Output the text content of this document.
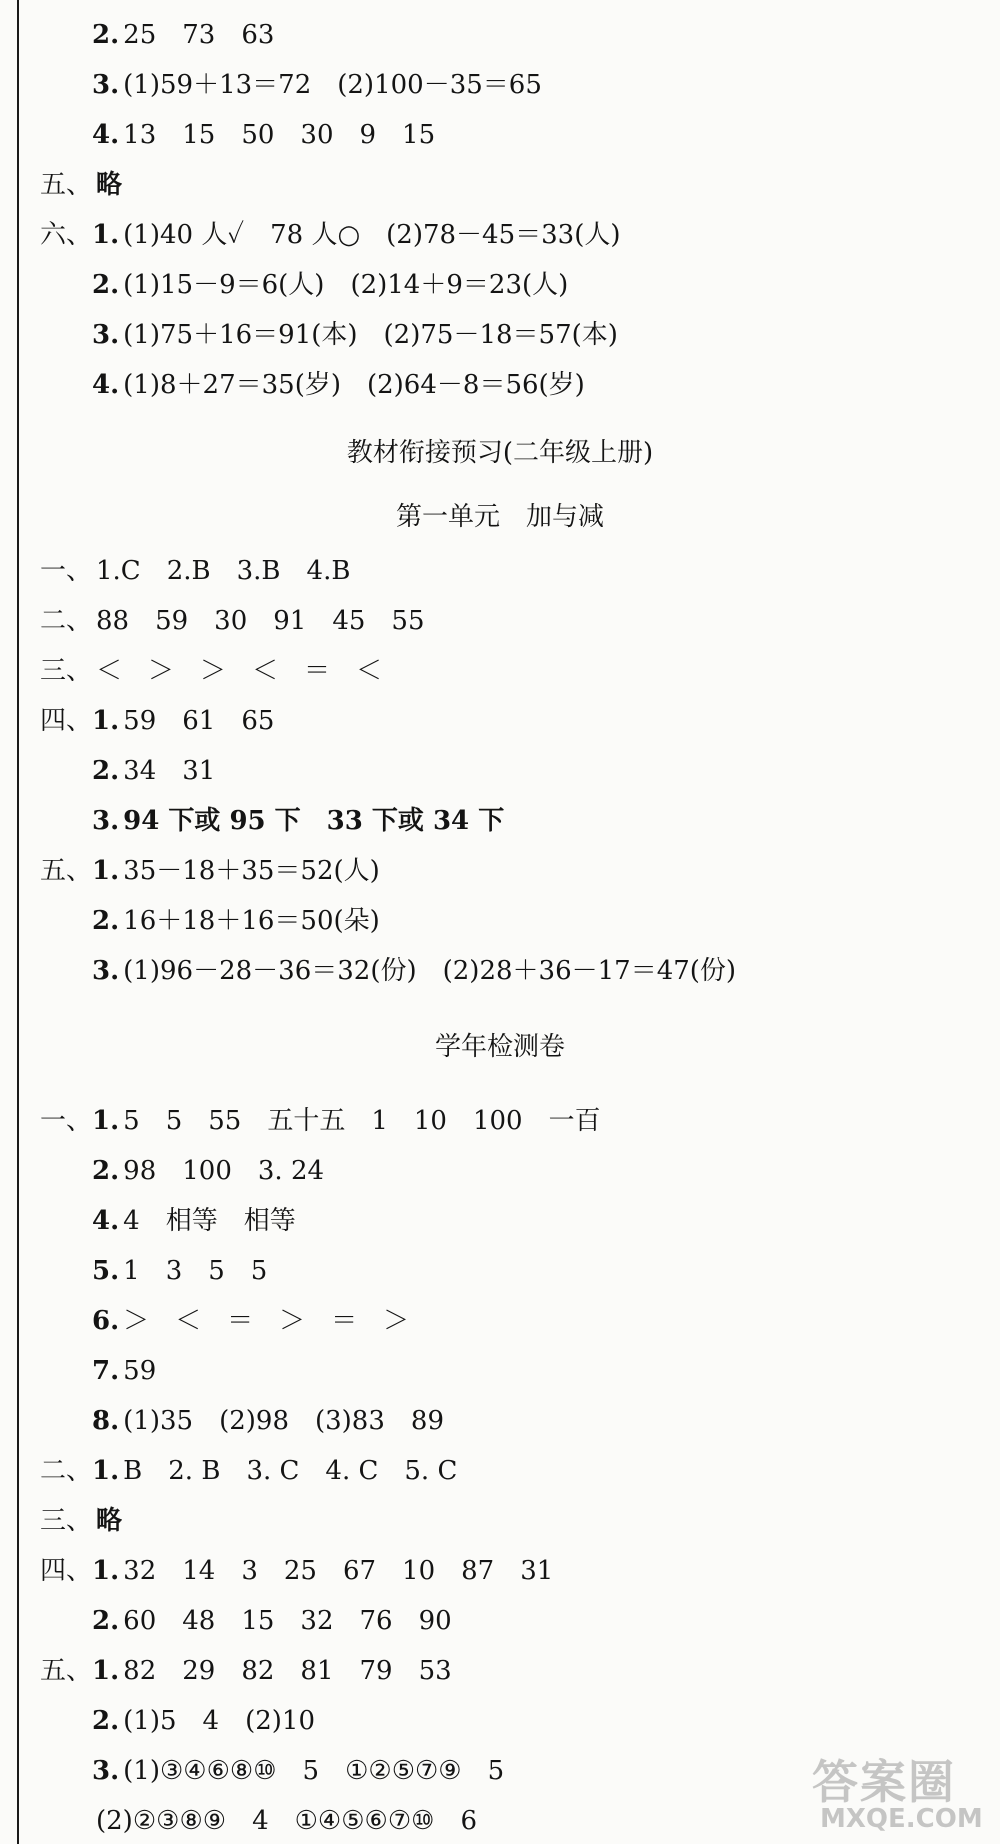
2. 25　73　63
3. (1)59＋13＝72　(2)100－35＝65
4. 13　15　50　30　9　15
五、 略
六、1. (1)40 人✓　78 人○　(2)78－45＝33(人)
2. (1)15－9＝6(人)　(2)14＋9＝23(人)
3. (1)75＋16＝91(本)　(2)75－18＝57(本)
4. (1)8＋27＝35(岁)　(2)64－8＝56(岁)
教材衔接预习(二年级上册)
第一单元　加与减
一、 1.C　2.B　3.B　4.B
二、 88　59　30　91　45　55
三、 ＜　＞　＞　＜　＝　＜
四、1. 59　61　65
2. 34　31
3. 94 下或 95 下　33 下或 34 下
五、1. 35－18＋35＝52(人)
2. 16＋18＋16＝50(朵)
3. (1)96－28－36＝32(份)　(2)28＋36－17＝47(份)
学年检测卷
一、1. 5　5　55　五十五　1　10　100　一百
2. 98　100　3. 24
4. 4　相等　相等
5. 1　3　5　5
6. ＞　＜　＝　＞　＝　＞
7. 59
8. (1)35　(2)98　(3)83　89
二、1. B　2. B　3. C　4. C　5. C
三、 略
四、1. 32　14　3　25　67　10　87　31
2. 60　48　15　32　76　90
五、1. 82　29　82　81　79　53
2. (1)5　4　(2)10
3. (1)③④⑥⑧⑩　5　①②⑤⑦⑨　5
(2)②③⑧⑨　4　①④⑤⑥⑦⑩　6
答案圈
MXQE.COM
